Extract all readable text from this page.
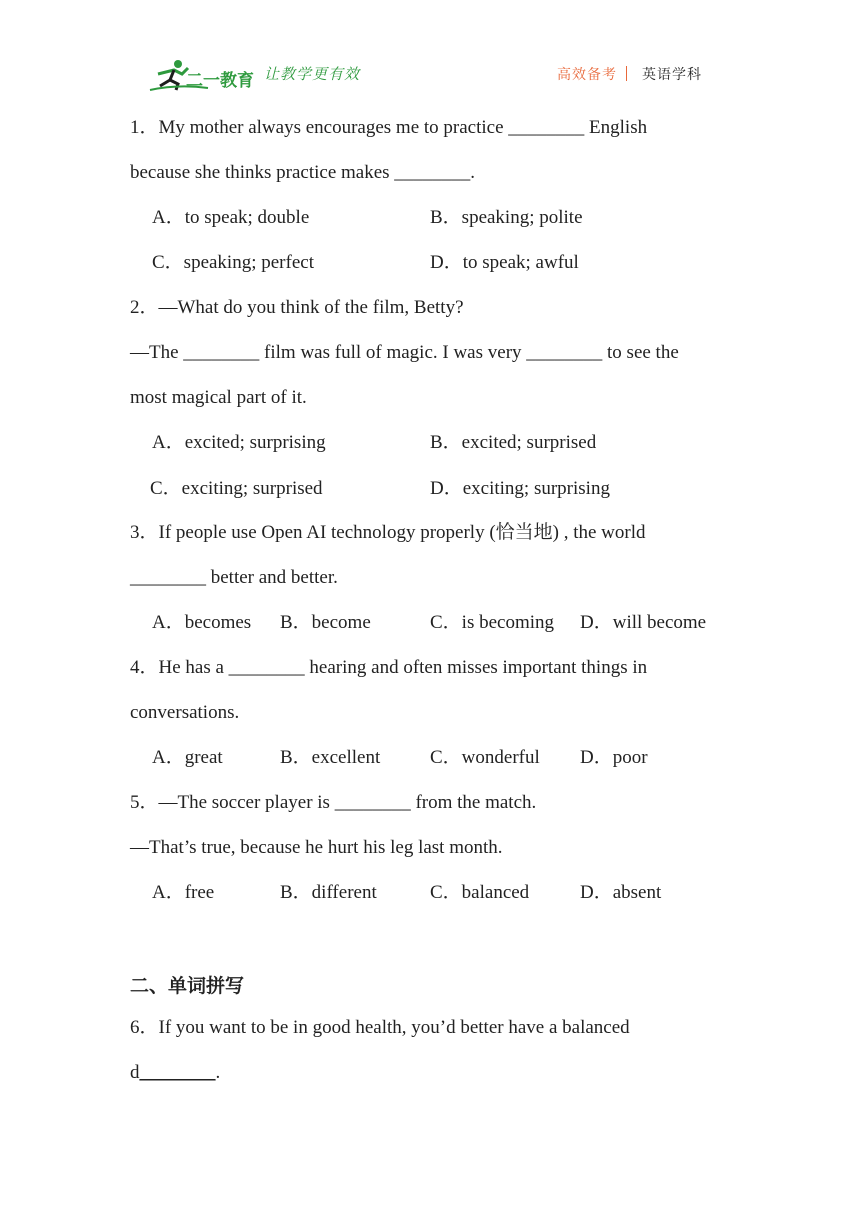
二一教育 让教学更有效	高效备考 英语学科
1．My mother always encourages me to practice ________ English
because she thinks practice makes ________.
A．to speak; double	B．speaking; polite
C．speaking; perfect	D．to speak; awful
2．—What do you think of the film, Betty?
—The ________ film was full of magic. I was very ________ to see the
most magical part of it.
A．excited; surprising	B．excited; surprised
C．exciting; surprised	D．exciting; surprising
3．If people use Open AI technology properly (恰当地) , the world
________ better and better.
A．becomes B．become	C．is becoming D．will become
4．He has a ________ hearing and often misses important things in
conversations.
A．great	B．excellent	C．wonderful D．poor
5．—The soccer player is ________ from the match.
—That’s true, because he hurt his leg last month.
A．free	B．different	C．balanced	D．absent
二、单词拼写
6．If you want to be in good health, you’d better have a balanced
d________.
